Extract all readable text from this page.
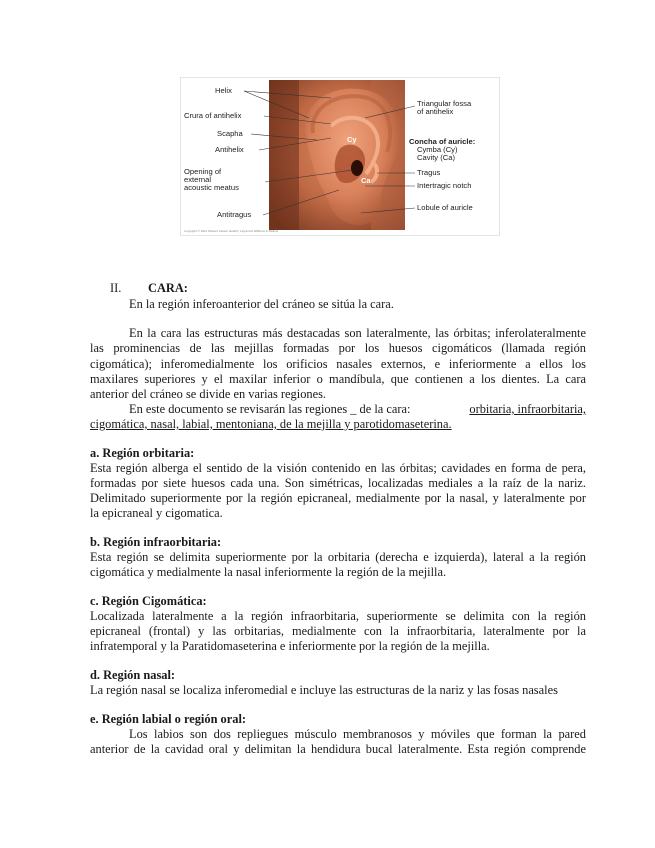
Helix
Crura of antihelix
Scapha
Antihelix
Opening of
external
acoustic meatus
Antitragus
Triangular fossa
of antihelix
Concha of auricle:
Cymba (Cy)
Cavity (Ca)
Tragus
Intertragic notch
Lobule of auricle
Cy
Ca
Copyright © 2011 Wolters Kluwer Health | Lippincott Williams & Wilkins
II. CARA:
En la región inferoanterior del cráneo se sitúa la cara.
En la cara las estructuras más destacadas son lateralmente, las órbitas; inferolateralmente
las prominencias de las mejillas formadas por los huesos cigomáticos (llamada región
cigomática); inferomedialmente los orificios nasales externos, e inferiormente a ellos los
maxilares superiores y el maxilar inferior o mandíbula, que contienen a los dientes. La cara
anterior del cráneo se divide en varias regiones.
En este documento se revisarán las regiones _ de la cara:	orbitaria, infraorbitaria,
cigomática, nasal, labial, mentoniana, de la mejilla y parotidomaseterina.
a. Región orbitaria:
Esta región alberga el sentido de la visión contenido en las órbitas; cavidades en forma de pera,
formadas por siete huesos cada una. Son simétricas, localizadas mediales a la raíz de la nariz.
Delimitado superiormente por la región epicraneal, medialmente por la nasal, y lateralmente por
la epicraneal y cigomatica.
b. Región infraorbitaria:
Esta región se delimita superiormente por la orbitaria (derecha e izquierda), lateral a la región
cigomática y medialmente la nasal inferiormente la región de la mejilla.
c. Región Cigomática:
Localizada lateralmente a la región infraorbitaria, superiormente se delimita con la región
epicraneal (frontal) y las orbitarias, medialmente con la infraorbitaria, lateralmente por la
infratemporal y la Paratidomaseterina e inferiormente por la región de la mejilla.
d. Región nasal:
La región nasal se localiza inferomedial e incluye las estructuras de la nariz y las fosas nasales
e. Región labial o región oral:
Los labios son dos repliegues músculo membranosos y móviles que forman la pared
anterior de la cavidad oral y delimitan la hendidura bucal lateralmente. Esta región comprende
